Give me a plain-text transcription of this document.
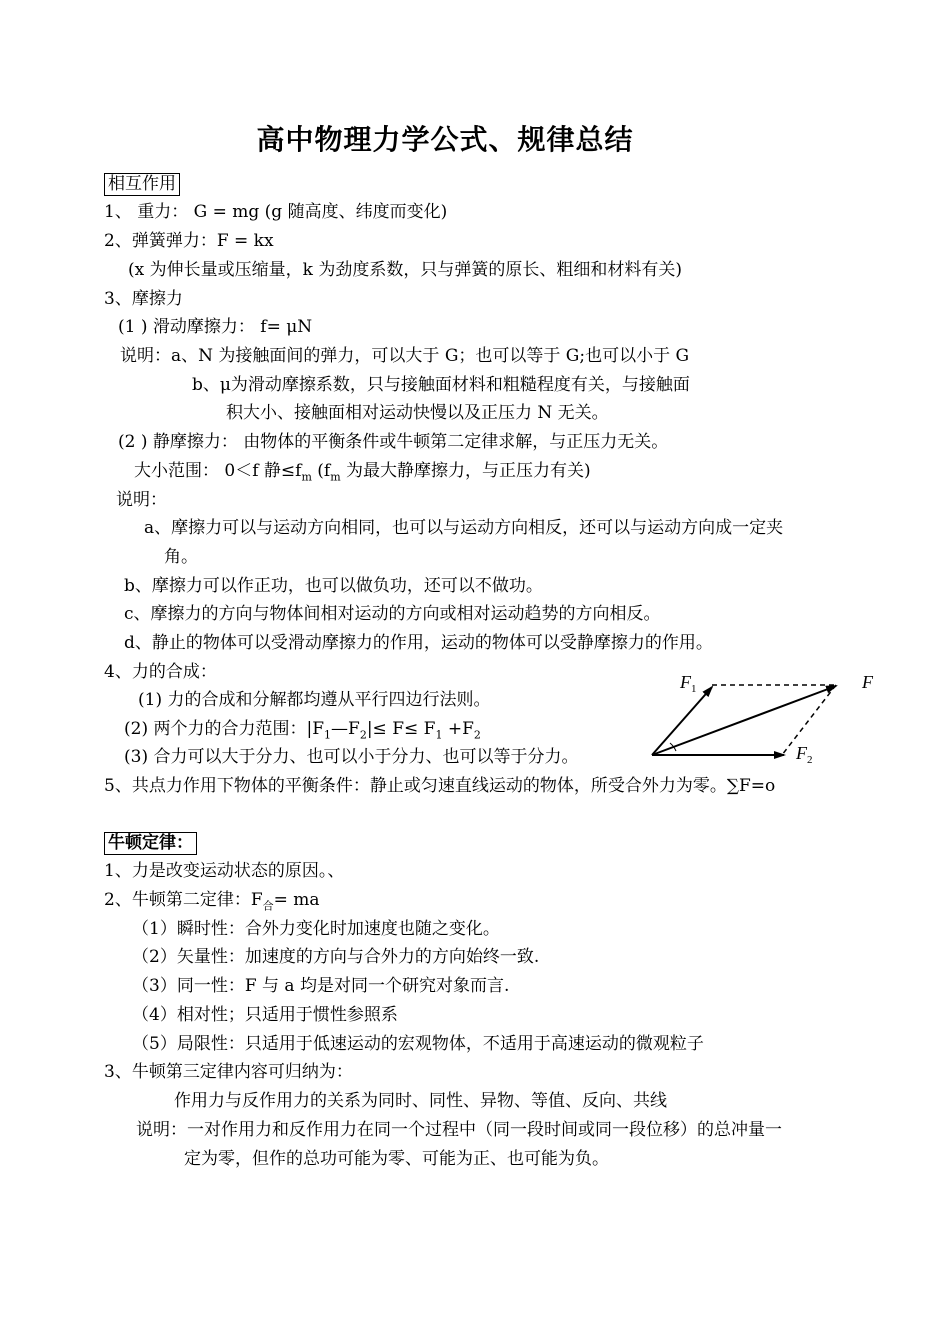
高中物理力学公式、规律总结
相互作用
1、 重力： G = mg (g 随高度、纬度而变化)
2、弹簧弹力：F = kx
(x 为伸长量或压缩量，k 为劲度系数，只与弹簧的原长、粗细和材料有关)
3、摩擦力
(1 ) 滑动摩擦力： f= μN
说明：a、N 为接触面间的弹力，可以大于 G；也可以等于 G;也可以小于 G
b、μ为滑动摩擦系数，只与接触面材料和粗糙程度有关，与接触面
积大小、接触面相对运动快慢以及正压力 N 无关。
(2 ) 静摩擦力： 由物体的平衡条件或牛顿第二定律求解，与正压力无关。
大小范围： 0＜f 静$\le f_m$ ($f_m$ 为最大静摩擦力，与正压力有关)
说明：
a、摩擦力可以与运动方向相同，也可以与运动方向相反，还可以与运动方向成一定夹
角。
b、摩擦力可以作正功，也可以做负功，还可以不做功。
c、摩擦力的方向与物体间相对运动的方向或相对运动趋势的方向相反。
d、静止的物体可以受滑动摩擦力的作用，运动的物体可以受静摩擦力的作用。
4、力的合成：
(1) 力的合成和分解都均遵从平行四边行法则。
(2) 两个力的合力范围：$|F_1—F_2|\le F\le F_1 +F_2$
(3) 合力可以大于分力、也可以小于分力、也可以等于分力。
5、共点力作用下物体的平衡条件：静止或匀速直线运动的物体，所受合外力为零。∑F=o
$F_1$	F
$F_2$
牛顿定律：
1、力是改变运动状态的原因。、
2、牛顿第二定律：$F_合=$ ma
（1）瞬时性：合外力变化时加速度也随之变化。
（2）矢量性：加速度的方向与合外力的方向始终一致.
（3）同一性：F 与 a 均是对同一个研究对象而言.
（4）相对性；只适用于惯性参照系
（5）局限性：只适用于低速运动的宏观物体，不适用于高速运动的微观粒子
3、牛顿第三定律内容可归纳为：
作用力与反作用力的关系为同时、同性、异物、等值、反向、共线
说明：一对作用力和反作用力在同一个过程中（同一段时间或同一段位移）的总冲量一
定为零，但作的总功可能为零、可能为正、也可能为负。
